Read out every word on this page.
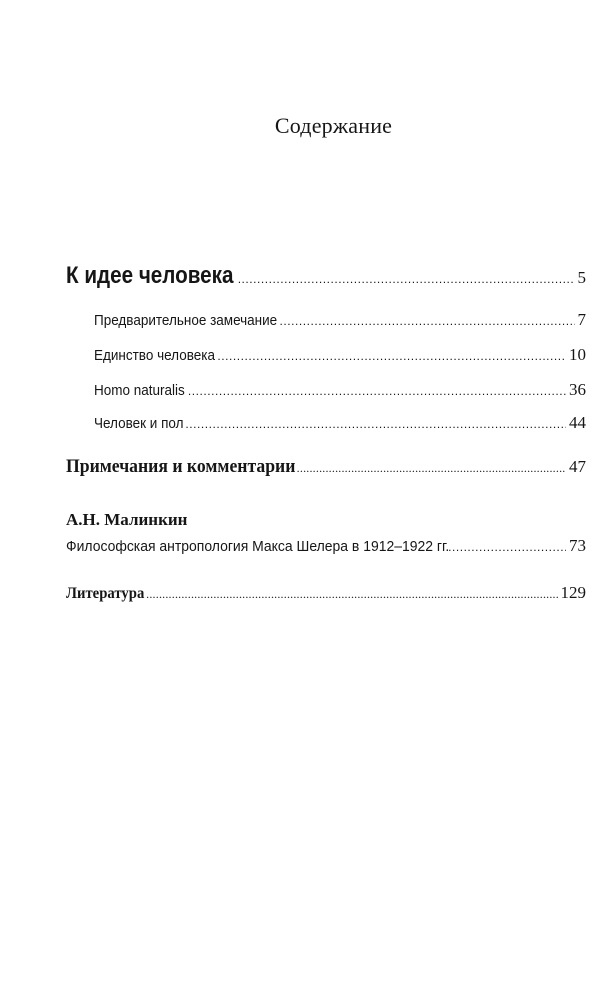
Содержание
К идее человека . . .	5
Предварительное замечание . . .	7
Единство человека . . .	10
Homo naturalis . . .	36
Человек и пол . . .	44
Примечания и комментарии . . .	47
А.Н. Малинкин
Философская антропология Макса Шелера в 1912–1922 гг. . . .	73
Литература . . .	129
